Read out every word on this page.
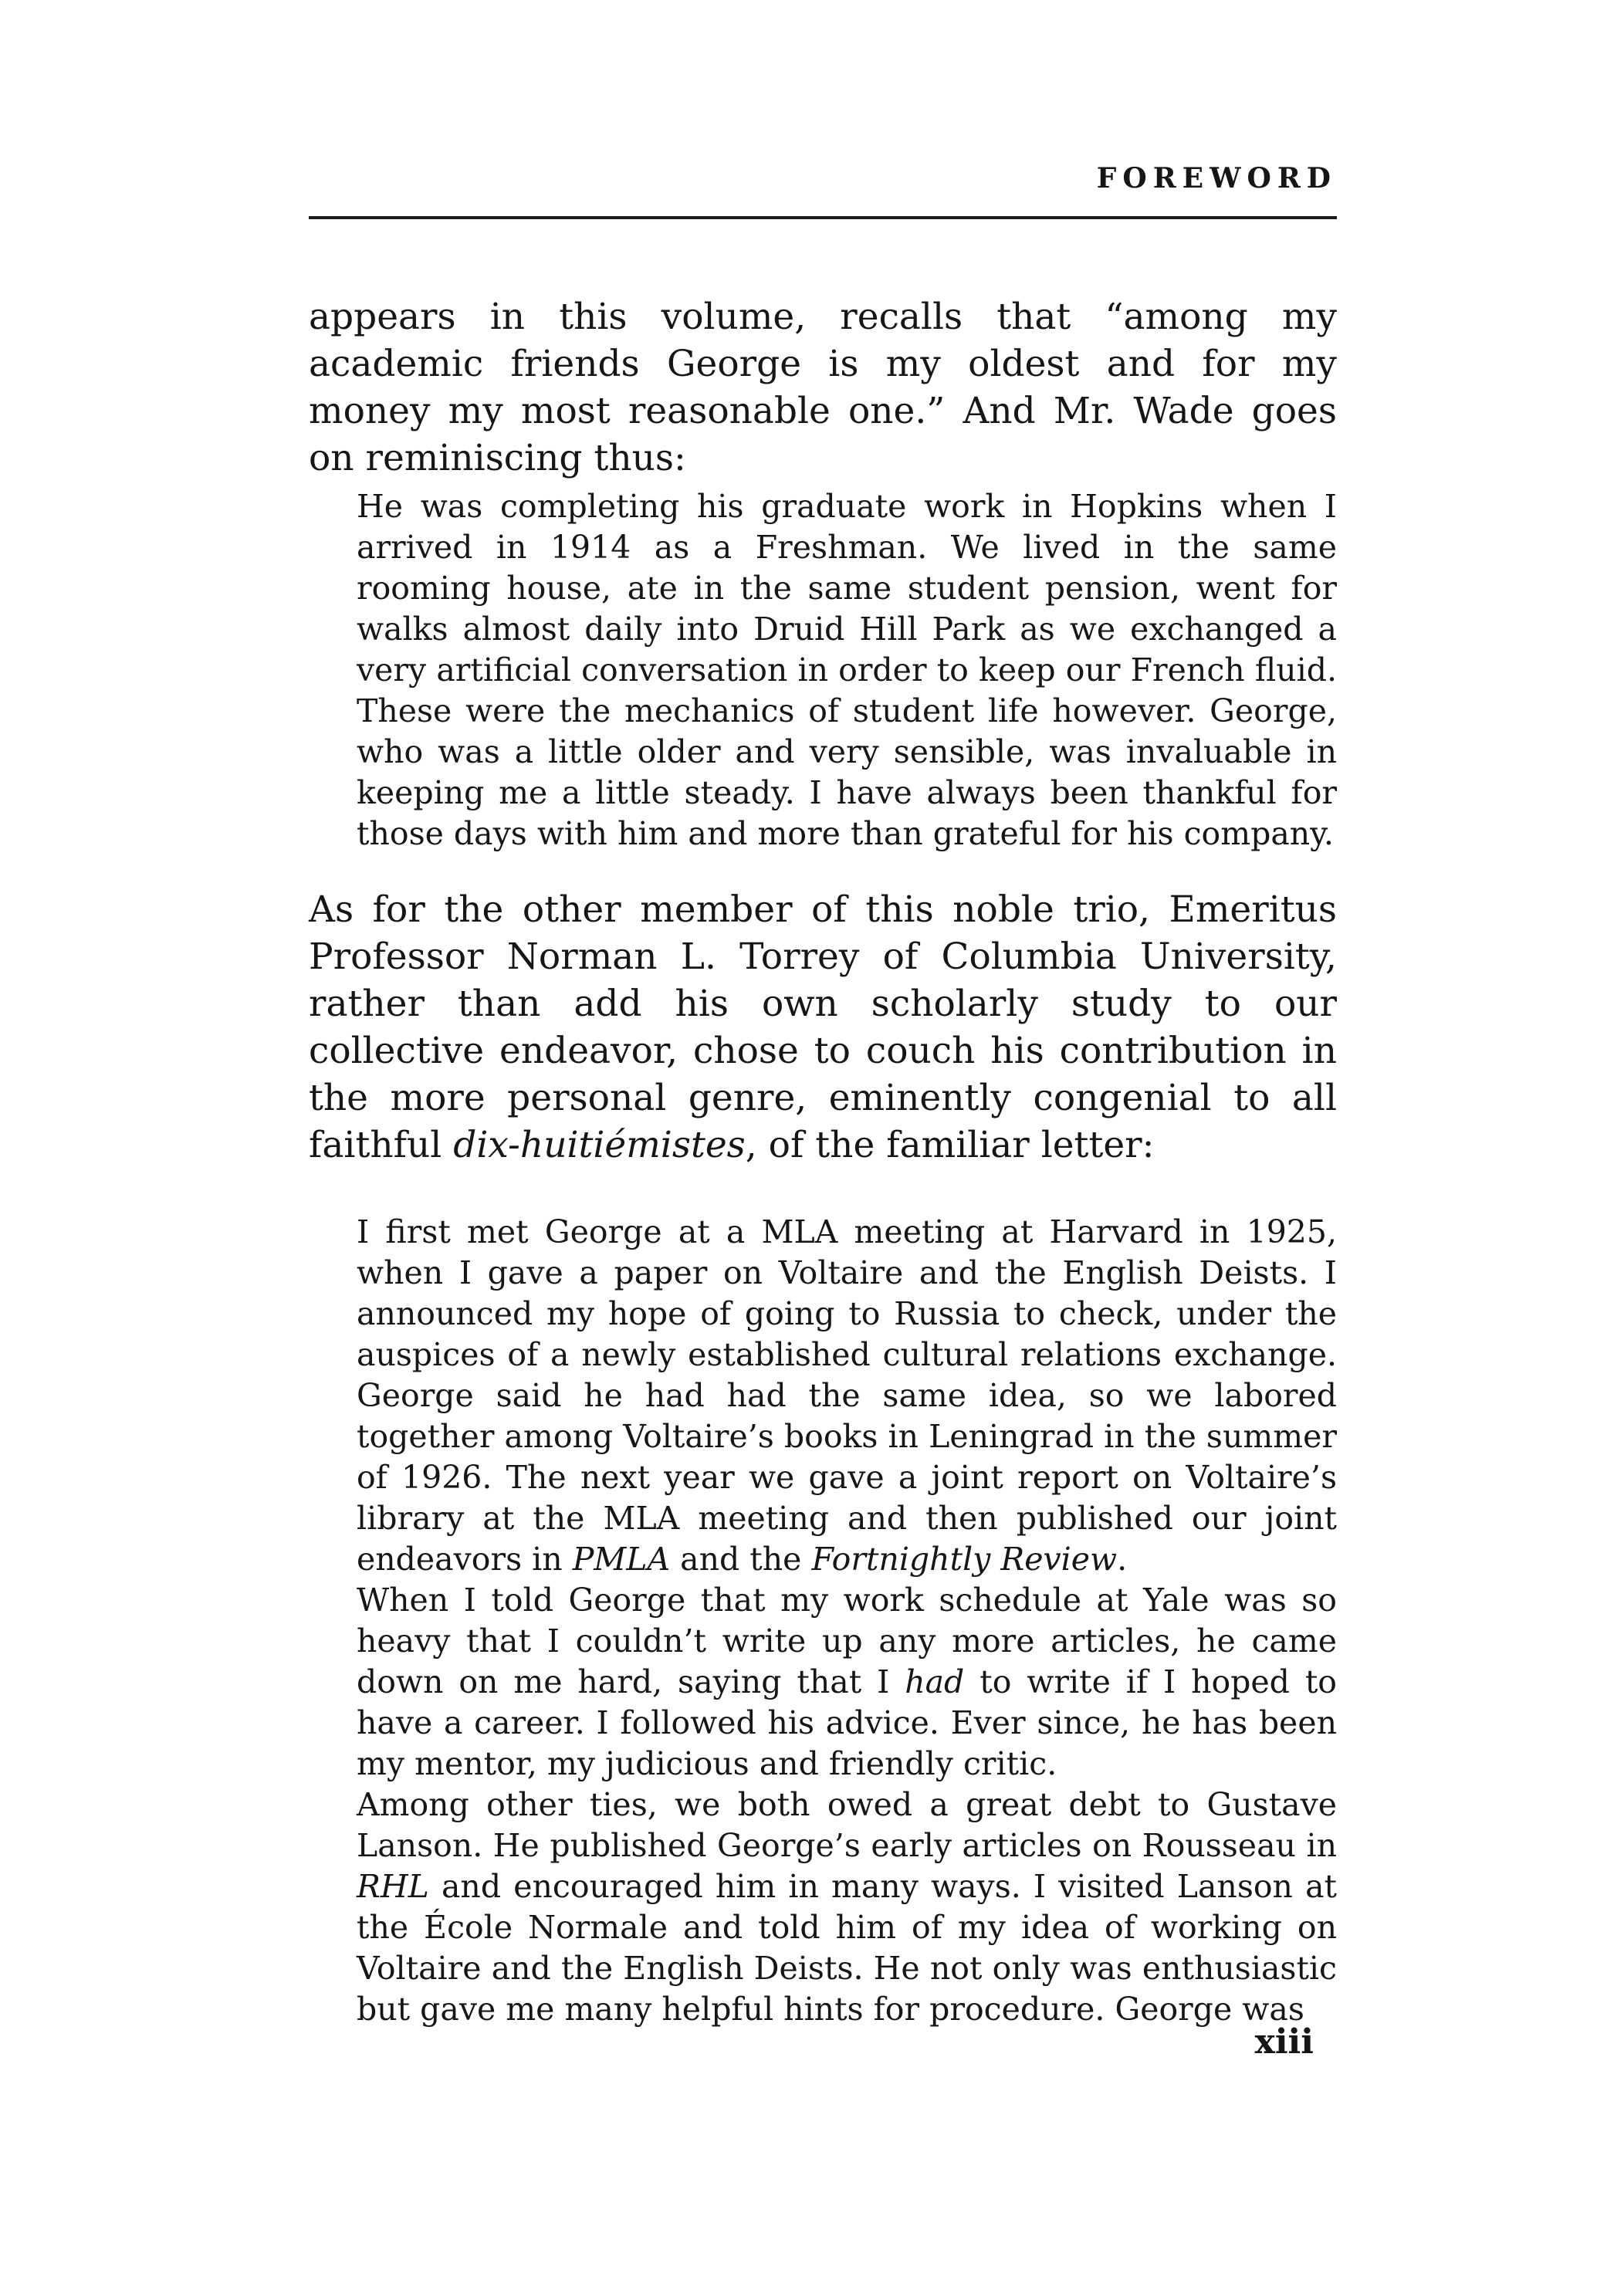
FOREWORD

appears in this volume, recalls that “among my academic friends George is my oldest and for my money my most reasonable one.” And Mr. Wade goes on reminiscing thus:

He was completing his graduate work in Hopkins when I arrived in 1914 as a Freshman. We lived in the same rooming house, ate in the same student pension, went for walks almost daily into Druid Hill Park as we exchanged a very artificial conversation in order to keep our French fluid. These were the mechanics of student life however. George, who was a little older and very sensible, was invaluable in keeping me a little steady. I have always been thankful for those days with him and more than grateful for his company.

As for the other member of this noble trio, Emeritus Professor Norman L. Torrey of Columbia University, rather than add his own scholarly study to our collective endeavor, chose to couch his contribution in the more personal genre, eminently congenial to all faithful dix-huitiémistes, of the familiar letter:

I first met George at a MLA meeting at Harvard in 1925, when I gave a paper on Voltaire and the English Deists. I announced my hope of going to Russia to check, under the auspices of a newly established cultural relations exchange. George said he had had the same idea, so we labored together among Voltaire’s books in Leningrad in the summer of 1926. The next year we gave a joint report on Voltaire’s library at the MLA meeting and then published our joint endeavors in PMLA and the Fortnightly Review.

When I told George that my work schedule at Yale was so heavy that I couldn’t write up any more articles, he came down on me hard, saying that I had to write if I hoped to have a career. I followed his advice. Ever since, he has been my mentor, my judicious and friendly critic.

Among other ties, we both owed a great debt to Gustave Lanson. He published George’s early articles on Rousseau in RHL and encouraged him in many ways. I visited Lanson at the École Normale and told him of my idea of working on Voltaire and the English Deists. He not only was enthusiastic but gave me many helpful hints for procedure. George was

xiii
